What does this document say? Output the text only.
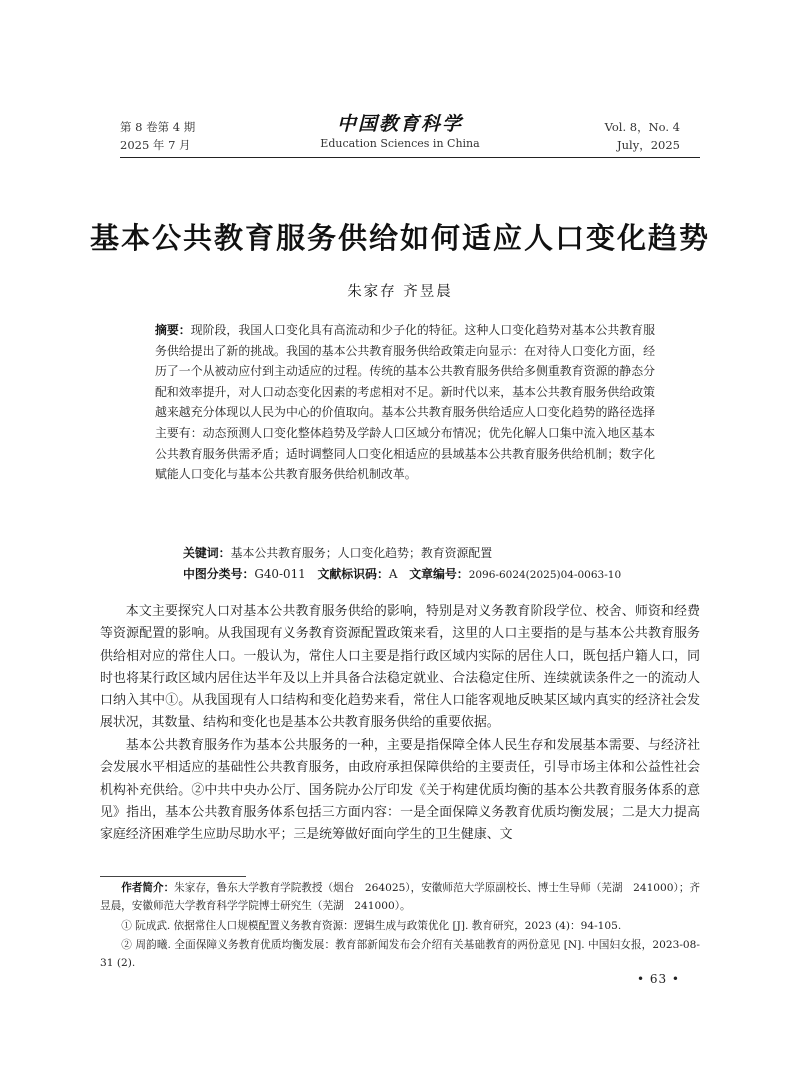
第 8 卷第 4 期
2025 年 7 月
中国教育科学
Education Sciences in China
Vol. 8，No. 4
July，2025
基本公共教育服务供给如何适应人口变化趋势
朱家存 齐昱晨

摘要：现阶段，我国人口变化具有高流动和少子化的特征。这种人口变化趋势对基本公共教育服务供给提出了新的挑战。我国的基本公共教育服务供给政策走向显示：在对待人口变化方面，经历了一个从被动应付到主动适应的过程。传统的基本公共教育服务供给多侧重教育资源的静态分配和效率提升，对人口动态变化因素的考虑相对不足。新时代以来，基本公共教育服务供给政策越来越充分体现以人民为中心的价值取向。基本公共教育服务供给适应人口变化趋势的路径选择主要有：动态预测人口变化整体趋势及学龄人口区域分布情况；优先化解人口集中流入地区基本公共教育服务供需矛盾；适时调整同人口变化相适应的县域基本公共教育服务供给机制；数字化赋能人口变化与基本公共教育服务供给机制改革。

关键词：基本公共教育服务；人口变化趋势；教育资源配置
中图分类号：G40-011 文献标识码：A 文章编号：2096-6024(2025)04-0063-10

本文主要探究人口对基本公共教育服务供给的影响，特别是对义务教育阶段学位、校舍、师资和经费等资源配置的影响。从我国现有义务教育资源配置政策来看，这里的人口主要指的是与基本公共教育服务供给相对应的常住人口。一般认为，常住人口主要是指行政区域内实际的居住人口，既包括户籍人口，同时也将某行政区域内居住达半年及以上并具备合法稳定就业、合法稳定住所、连续就读条件之一的流动人口纳入其中①。从我国现有人口结构和变化趋势来看，常住人口能客观地反映某区域内真实的经济社会发展状况，其数量、结构和变化也是基本公共教育服务供给的重要依据。

基本公共教育服务作为基本公共服务的一种，主要是指保障全体人民生存和发展基本需要、与经济社会发展水平相适应的基础性公共教育服务，由政府承担保障供给的主要责任，引导市场主体和公益性社会机构补充供给。②中共中央办公厅、国务院办公厅印发《关于构建优质均衡的基本公共教育服务体系的意见》指出，基本公共教育服务体系包括三方面内容：一是全面保障义务教育优质均衡发展；二是大力提高家庭经济困难学生应助尽助水平；三是统筹做好面向学生的卫生健康、文

作者简介：朱家存，鲁东大学教育学院教授（烟台　264025），安徽师范大学原副校长、博士生导师（芜湖　241000）；齐昱晨，安徽师范大学教育科学学院博士研究生（芜湖　241000）。

① 阮成武. 依据常住人口规模配置义务教育资源：逻辑生成与政策优化 [J]. 教育研究，2023 (4)：94-105.

② 周韵曦. 全面保障义务教育优质均衡发展：教育部新闻发布会介绍有关基础教育的两份意见 [N]. 中国妇女报，2023-08-31 (2).

• 63 •
